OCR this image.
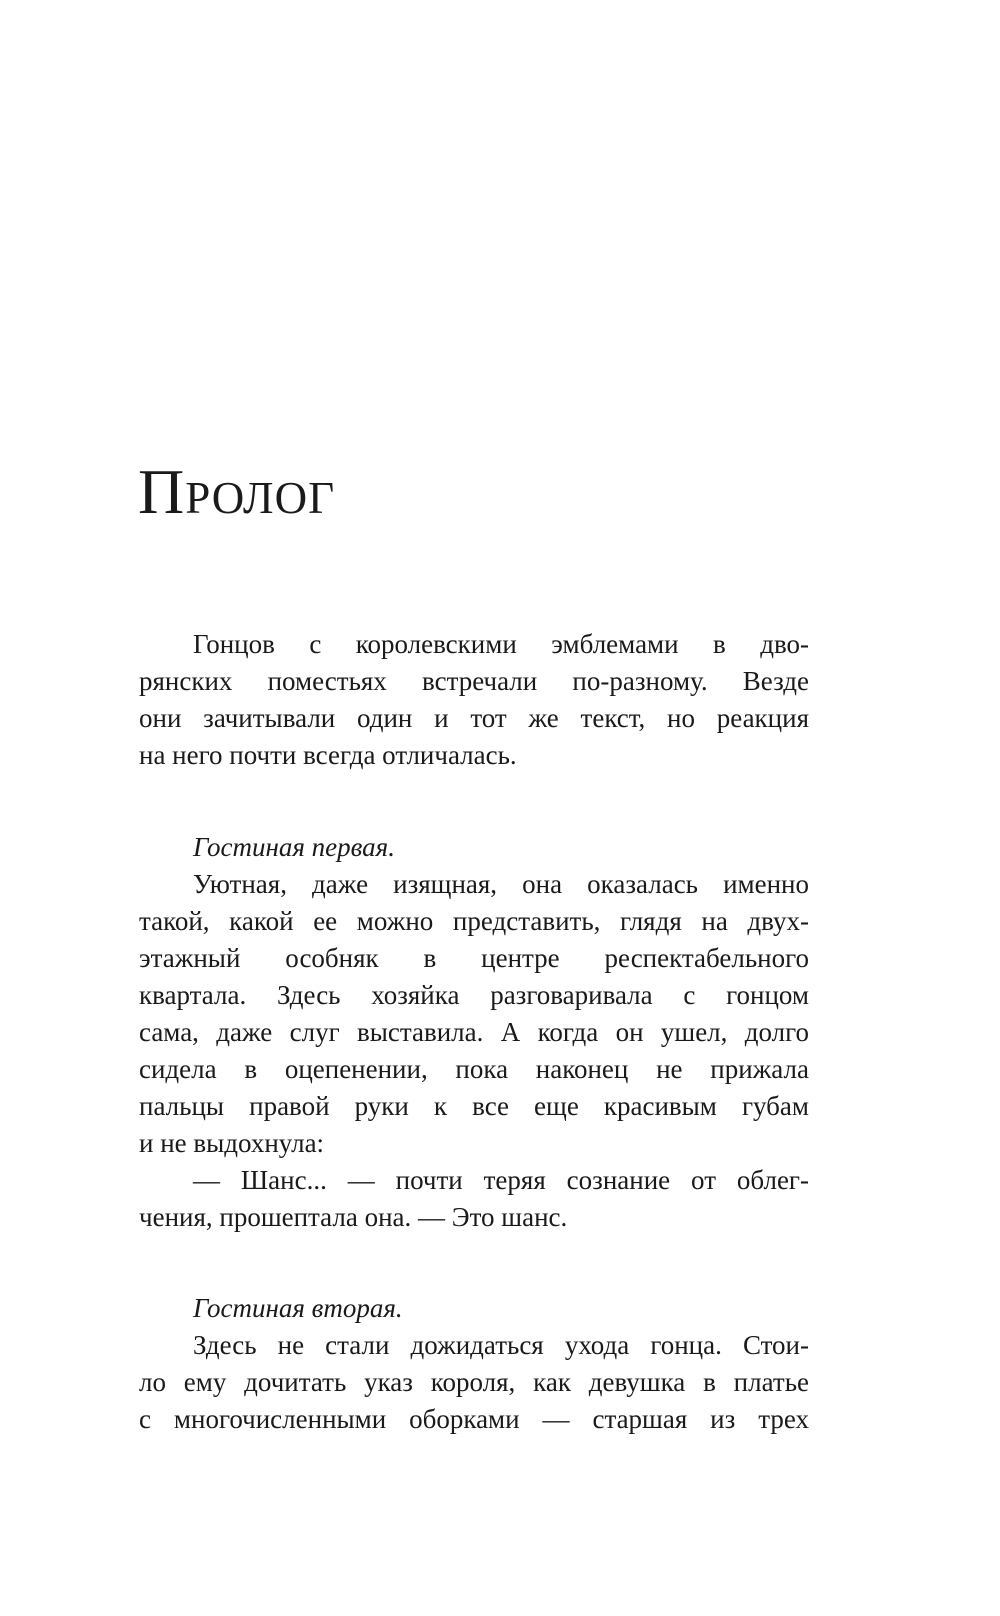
Пролог
Гонцов с королевскими эмблемами в дво-
рянских поместьях встречали по-разному. Везде
они зачитывали один и тот же текст, но реакция
на него почти всегда отличалась.
Гостиная первая.
Уютная, даже изящная, она оказалась именно
такой, какой ее можно представить, глядя на двух-
этажный особняк в центре респектабельного
квартала. Здесь хозяйка разговаривала с гонцом
сама, даже слуг выставила. А когда он ушел, долго
сидела в оцепенении, пока наконец не прижала
пальцы правой руки к все еще красивым губам
и не выдохнула:
— Шанс... — почти теряя сознание от облег-
чения, прошептала она. — Это шанс.
Гостиная вторая.
Здесь не стали дожидаться ухода гонца. Стои-
ло ему дочитать указ короля, как девушка в платье
с многочисленными оборками — старшая из трех
